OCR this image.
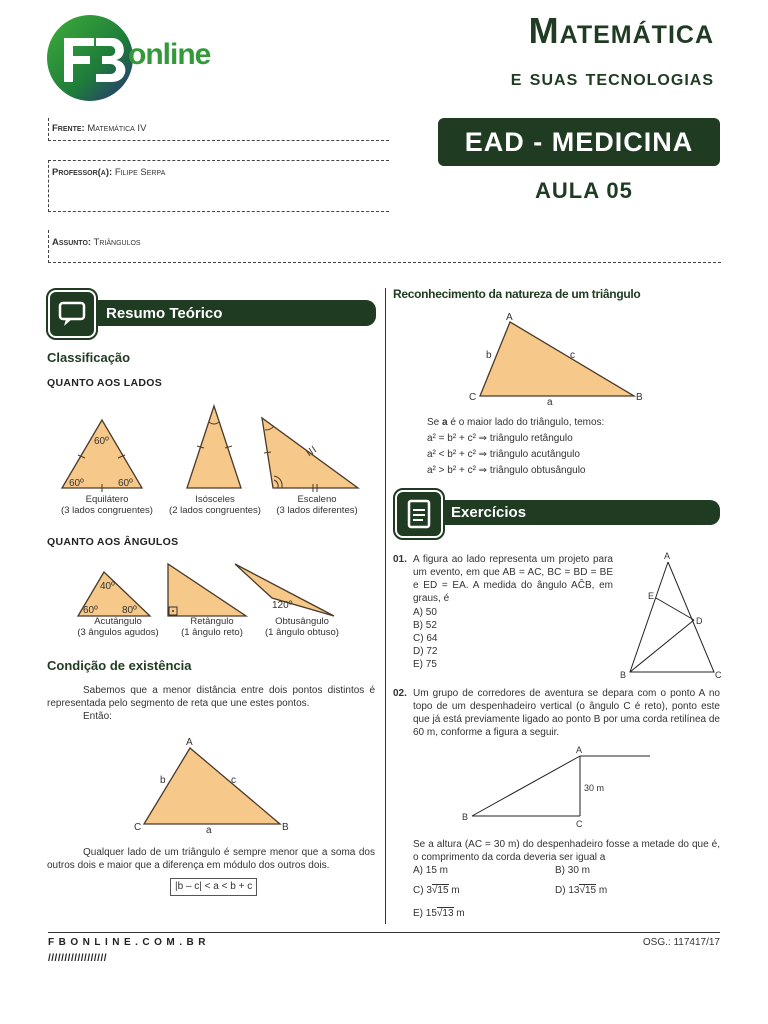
online
Matemática
e suas tecnologias
EAD - MEDICINA
AULA 05
Frente: Matemática IV
Professor(a): Filipe Serpa
Assunto: Triângulos
Resumo Teórico
Classificação
QUANTO AOS LADOS
60º
60º	60º
Equilátero
(3 lados congruentes)
Isósceles
(2 lados congruentes)
Escaleno
(3 lados diferentes)
QUANTO AOS ÂNGULOS
40º
60º 80º	120º
Acutângulo
(3 ângulos agudos)
Retângulo
(1 ângulo reto)
Obtusângulo
(1 ângulo obtuso)
Condição de existência
Sabemos que a menor distância entre dois pontos distintos é representada pelo segmento de reta que une estes pontos.
Então:
A
C	B
b	c
a
Qualquer lado de um triângulo é sempre menor que a soma dos outros dois e maior que a diferença em módulo dos outros dois.
|b – c| < a < b + c
Reconhecimento da natureza de um triângulo
A
C	B
b	c
a
Se a é o maior lado do triângulo, temos:
a² = b² + c² ⇒ triângulo retângulo
a² < b² + c² ⇒ triângulo acutângulo
a² > b² + c² ⇒ triângulo obtusângulo
Exercícios
01. A figura ao lado representa um projeto para um evento, em que AB = AC, BC = BD = BE e ED = EA. A medida do ângulo AĈB, em graus, é
A) 50
B) 52
C) 64
D) 72
E) 75
A
B	C
D
E
02. Um grupo de corredores de aventura se depara com o ponto A no topo de um despenhadeiro vertical (o ângulo C é reto), ponto este que já está previamente ligado ao ponto B por uma corda retilínea de 60 m, conforme a figura a seguir.
A
B
C
30 m
Se a altura (AC = 30 m) do despenhadeiro fosse a metade do que é, o comprimento da corda deveria ser igual a
A) 15 m	B) 30 m
C) 3√15 m	D) 13√15 m
E) 15√13 m
FBONLINE.COM.BR
//////////////////
OSG.: 117417/17
